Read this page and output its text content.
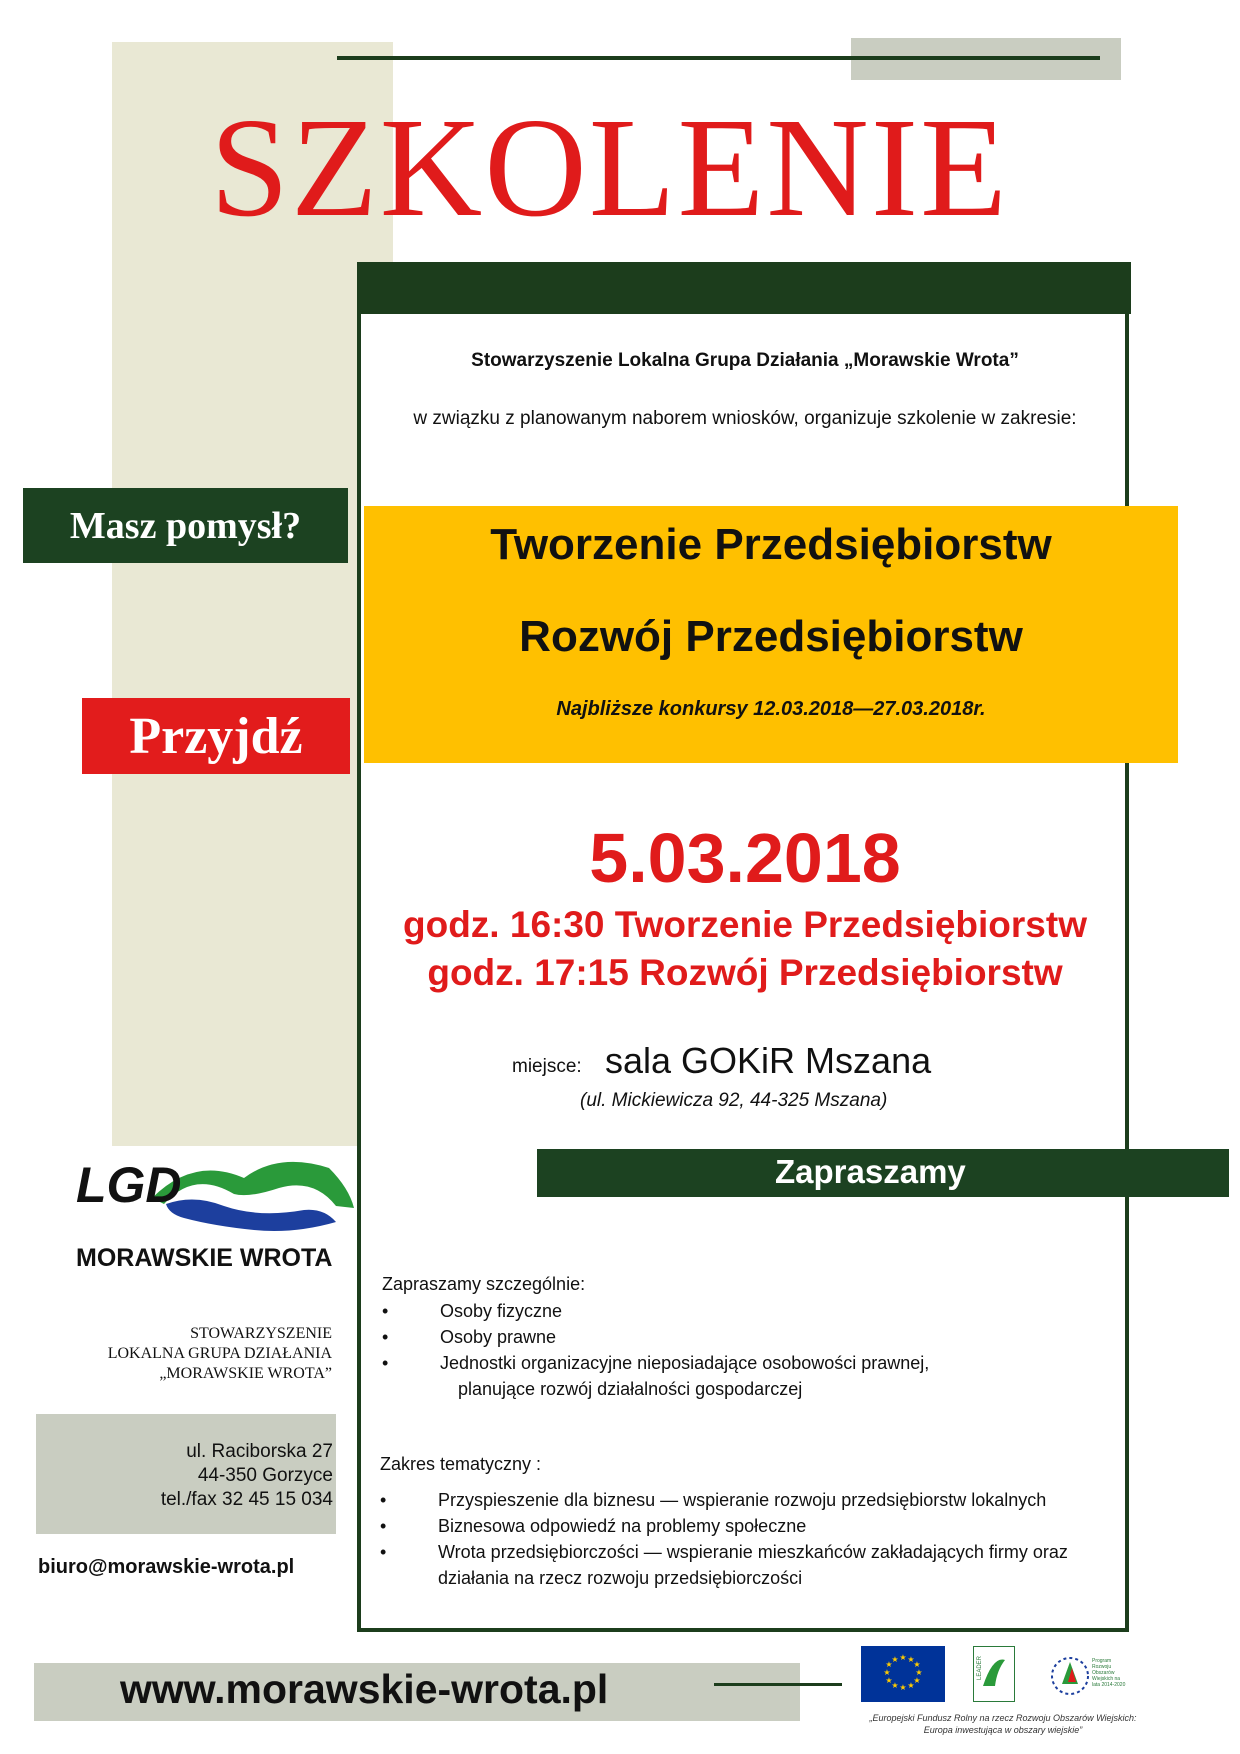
SZKOLENIE
Stowarzyszenie Lokalna Grupa Działania „Morawskie Wrota”
w związku z planowanym naborem wniosków, organizuje szkolenie w zakresie:
Masz pomysł?	Tworzenie Przedsiębiorstw
Rozwój Przedsiębiorstw
Najbliższe konkursy 12.03.2018—27.03.2018r.
Przyjdź
5.03.2018
godz. 16:30 Tworzenie Przedsiębiorstw
godz. 17:15 Rozwój Przedsiębiorstw
miejsce: sala GOKiR Mszana
(ul. Mickiewicza 92, 44-325 Mszana)
Zapraszamy
Zapraszamy szczególnie:
•	Osoby fizyczne
•	Osoby prawne
•	Jednostki organizacyjne nieposiadające osobowości prawnej,
planujące rozwój działalności gospodarczej
Zakres tematyczny :
•	Przyspieszenie dla biznesu — wspieranie rozwoju przedsiębiorstw lokalnych
•	Biznesowa odpowiedź na problemy społeczne
•	Wrota przedsiębiorczości — wspieranie mieszkańców zakładających firmy oraz
działania na rzecz rozwoju przedsiębiorczości
LGD
MORAWSKIE WROTA
STOWARZYSZENIE
LOKALNA GRUPA DZIAŁANIA
„MORAWSKIE WROTA”
ul. Raciborska 27
44-350 Gorzyce
tel./fax 32 45 15 034
biuro@morawskie-wrota.pl
www.morawskie-wrota.pl
★ ★
★
★
★
★
★
★
★
★
★
★	LEADER	Program Rozwoju Obszarów Wiejskich na lata 2014-2020
„Europejski Fundusz Rolny na rzecz Rozwoju Obszarów Wiejskich:
Europa inwestująca w obszary wiejskie”
